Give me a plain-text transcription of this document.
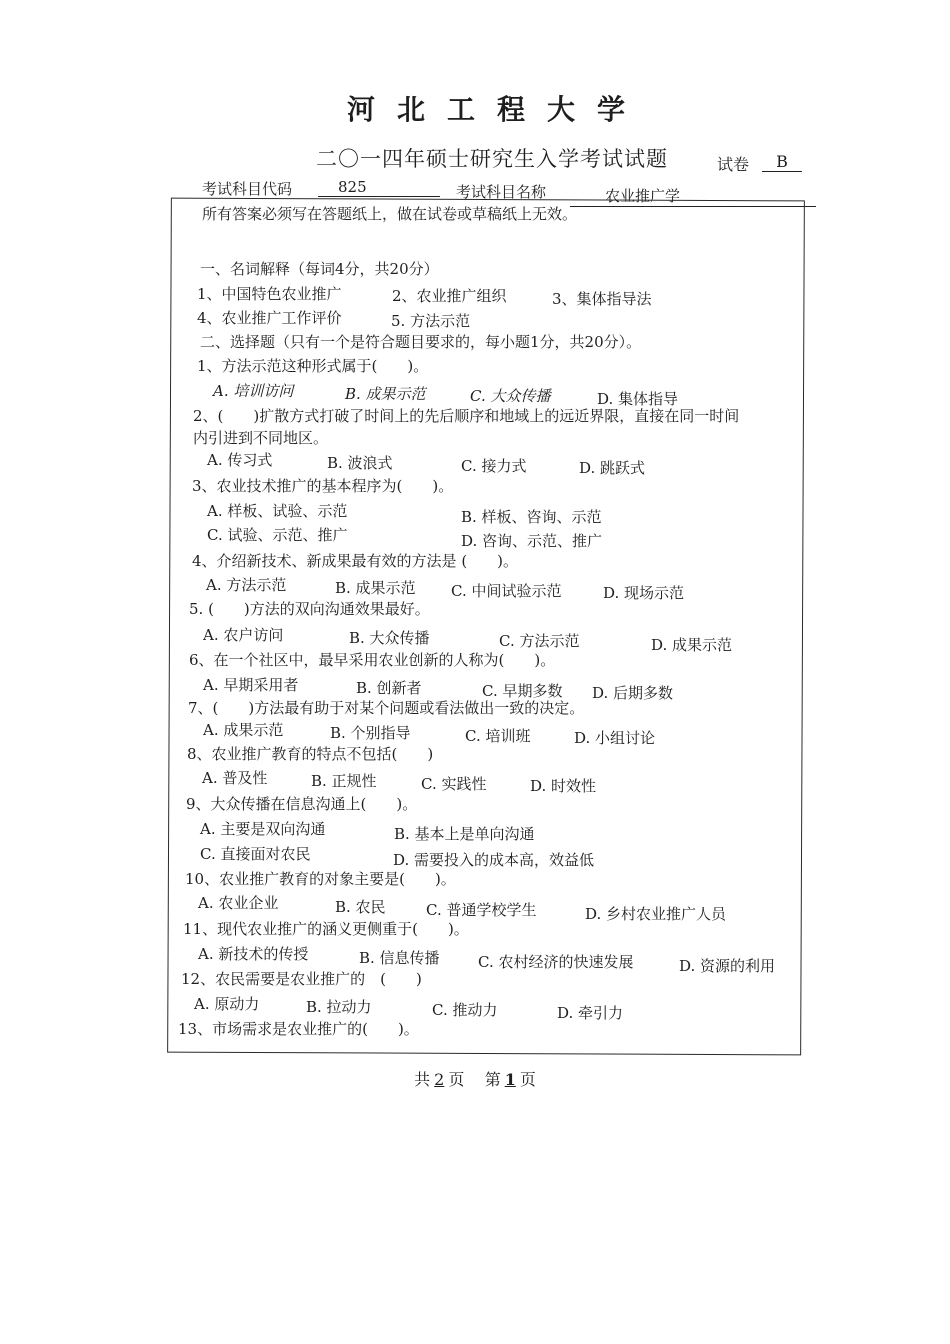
河北工程大学
二〇一四年硕士研究生入学考试试题	试卷	B
考试科目代码	825	考试科目名称	农业推广学
所有答案必须写在答题纸上，做在试卷或草稿纸上无效。
一、名词解释（每词4分，共20分）
1、中国特色农业推广	2、农业推广组织	3、集体指导法
4、农业推广工作评价	5. 方法示范
二、选择题（只有一个是符合题目要求的，每小题1分，共20分）。
1、方法示范这种形式属于(　　)。
A. 培训访问	B. 成果示范	C. 大众传播	D. 集体指导
2、(　　)扩散方式打破了时间上的先后顺序和地域上的远近界限，直接在同一时间
内引进到不同地区。
A. 传习式	B. 波浪式	C. 接力式	D. 跳跃式
3、农业技术推广的基本程序为(　　)。
A. 样板、试验、示范	B. 样板、咨询、示范
C. 试验、示范、推广	D. 咨询、示范、推广
4、介绍新技术、新成果最有效的方法是 (　　)。
A. 方法示范	B. 成果示范 C. 中间试验示范	D. 现场示范
5. (　　)方法的双向沟通效果最好。
A. 农户访问	B. 大众传播	C. 方法示范	D. 成果示范
6、在一个社区中，最早采用农业创新的人称为(　　)。
A. 早期采用者	B. 创新者	C. 早期多数 D. 后期多数
7、(　　)方法最有助于对某个问题或看法做出一致的决定。
A. 成果示范	B. 个别指导	C. 培训班	D. 小组讨论
8、农业推广教育的特点不包括(　　)
A. 普及性	B. 正规性	C. 实践性	D. 时效性
9、大众传播在信息沟通上(　　)。
A. 主要是双向沟通	B. 基本上是单向沟通
C. 直接面对农民	D. 需要投入的成本高，效益低
10、农业推广教育的对象主要是(　　)。
A. 农业企业	B. 农民	C. 普通学校学生	D. 乡村农业推广人员
11、现代农业推广的涵义更侧重于(　　)。
A. 新技术的传授	B. 信息传播	C. 农村经济的快速发展	D. 资源的利用
12、农民需要是农业推广的　(　　)
A. 原动力	B. 拉动力	C. 推动力	D. 牵引力
13、市场需求是农业推广的(　　)。
共 2 页 第 1 页
